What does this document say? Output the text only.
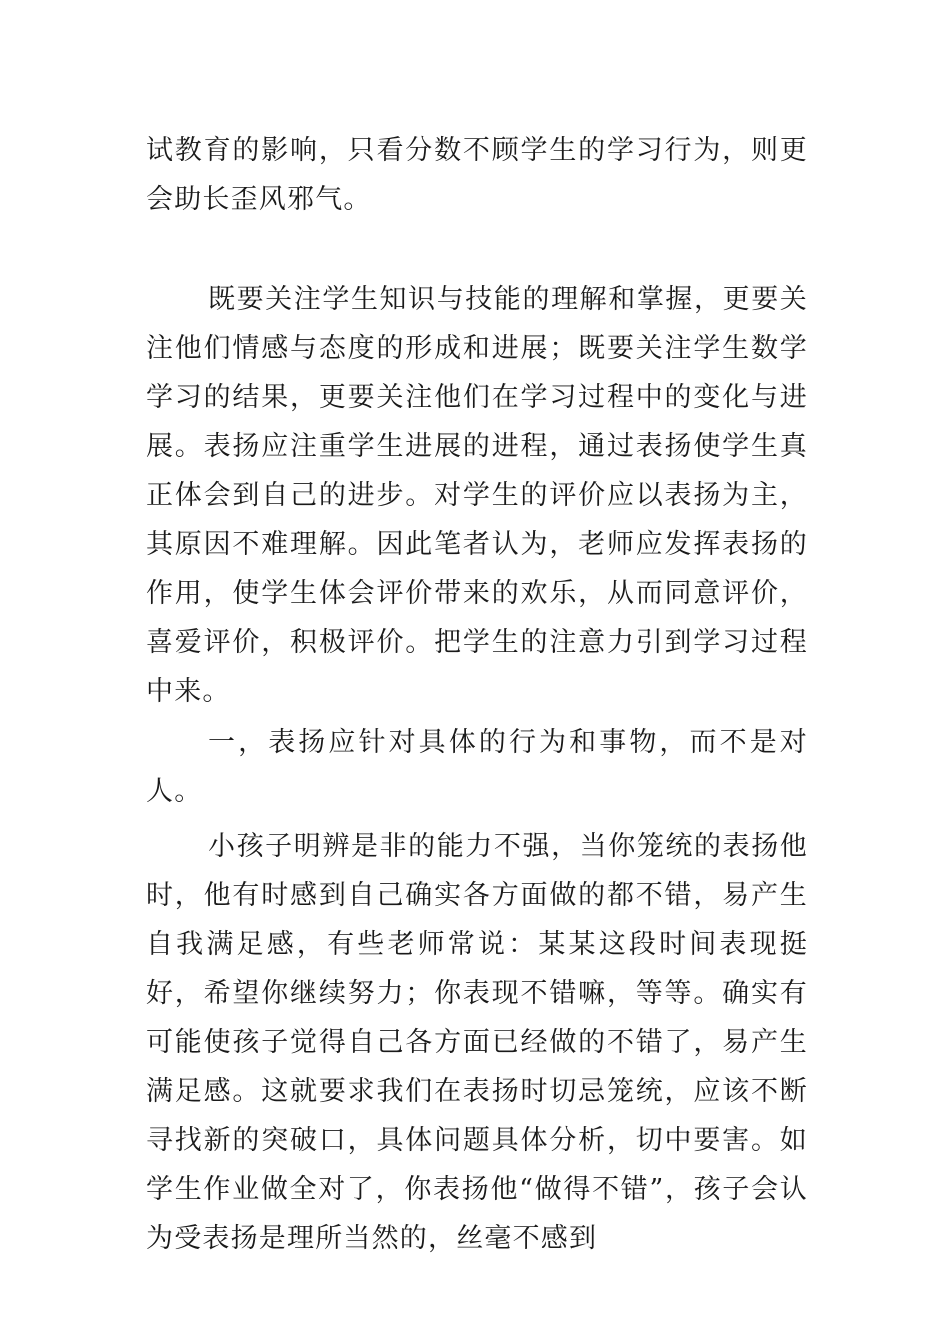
试教育的影响，只看分数不顾学生的学习行为，则更会助长歪风邪气。

既要关注学生知识与技能的理解和掌握，更要关注他们情感与态度的形成和进展；既要关注学生数学学习的结果，更要关注他们在学习过程中的变化与进展。表扬应注重学生进展的进程，通过表扬使学生真正体会到自己的进步。对学生的评价应以表扬为主，其原因不难理解。因此笔者认为，老师应发挥表扬的作用，使学生体会评价带来的欢乐，从而同意评价，喜爱评价，积极评价。把学生的注意力引到学习过程中来。

一，表扬应针对具体的行为和事物，而不是对人。

小孩子明辨是非的能力不强，当你笼统的表扬他时，他有时感到自己确实各方面做的都不错，易产生自我满足感，有些老师常说：某某这段时间表现挺好，希望你继续努力；你表现不错嘛，等等。确实有可能使孩子觉得自己各方面已经做的不错了，易产生满足感。这就要求我们在表扬时切忌笼统，应该不断寻找新的突破口，具体问题具体分析，切中要害。如学生作业做全对了，你表扬他“做得不错”，孩子会认为受表扬是理所当然的，丝毫不感到
